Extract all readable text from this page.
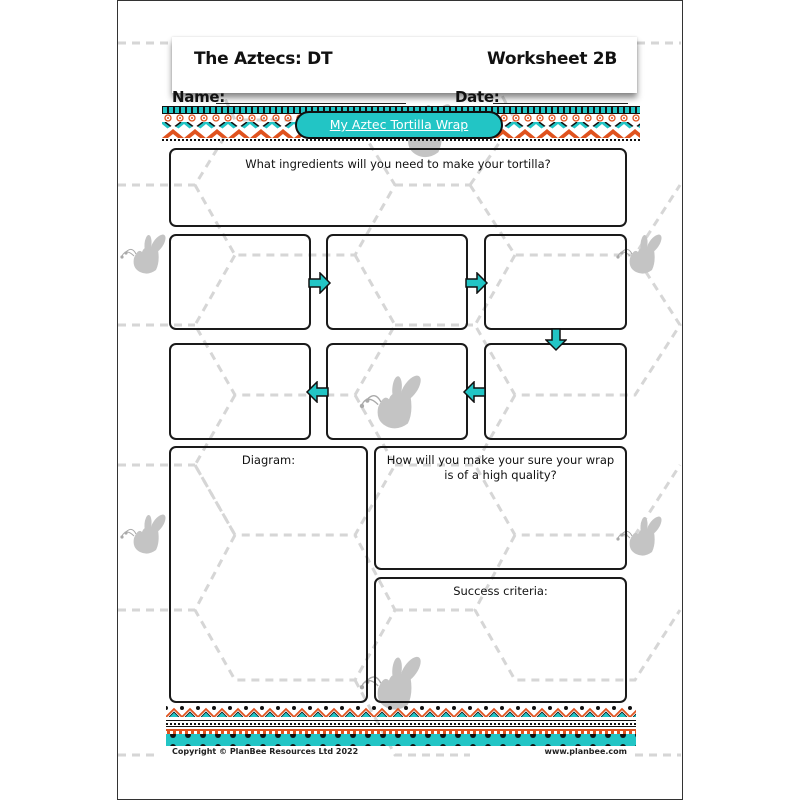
The Aztecs: DT	Worksheet 2B
Name:	Date:
My Aztec Tortilla Wrap
What ingredients will you need to make your tortilla?
Diagram:	How will you make your sure your wrap
is of a high quality?
Success criteria:
Copyright © PlanBee Resources Ltd 2022	www.planbee.com
